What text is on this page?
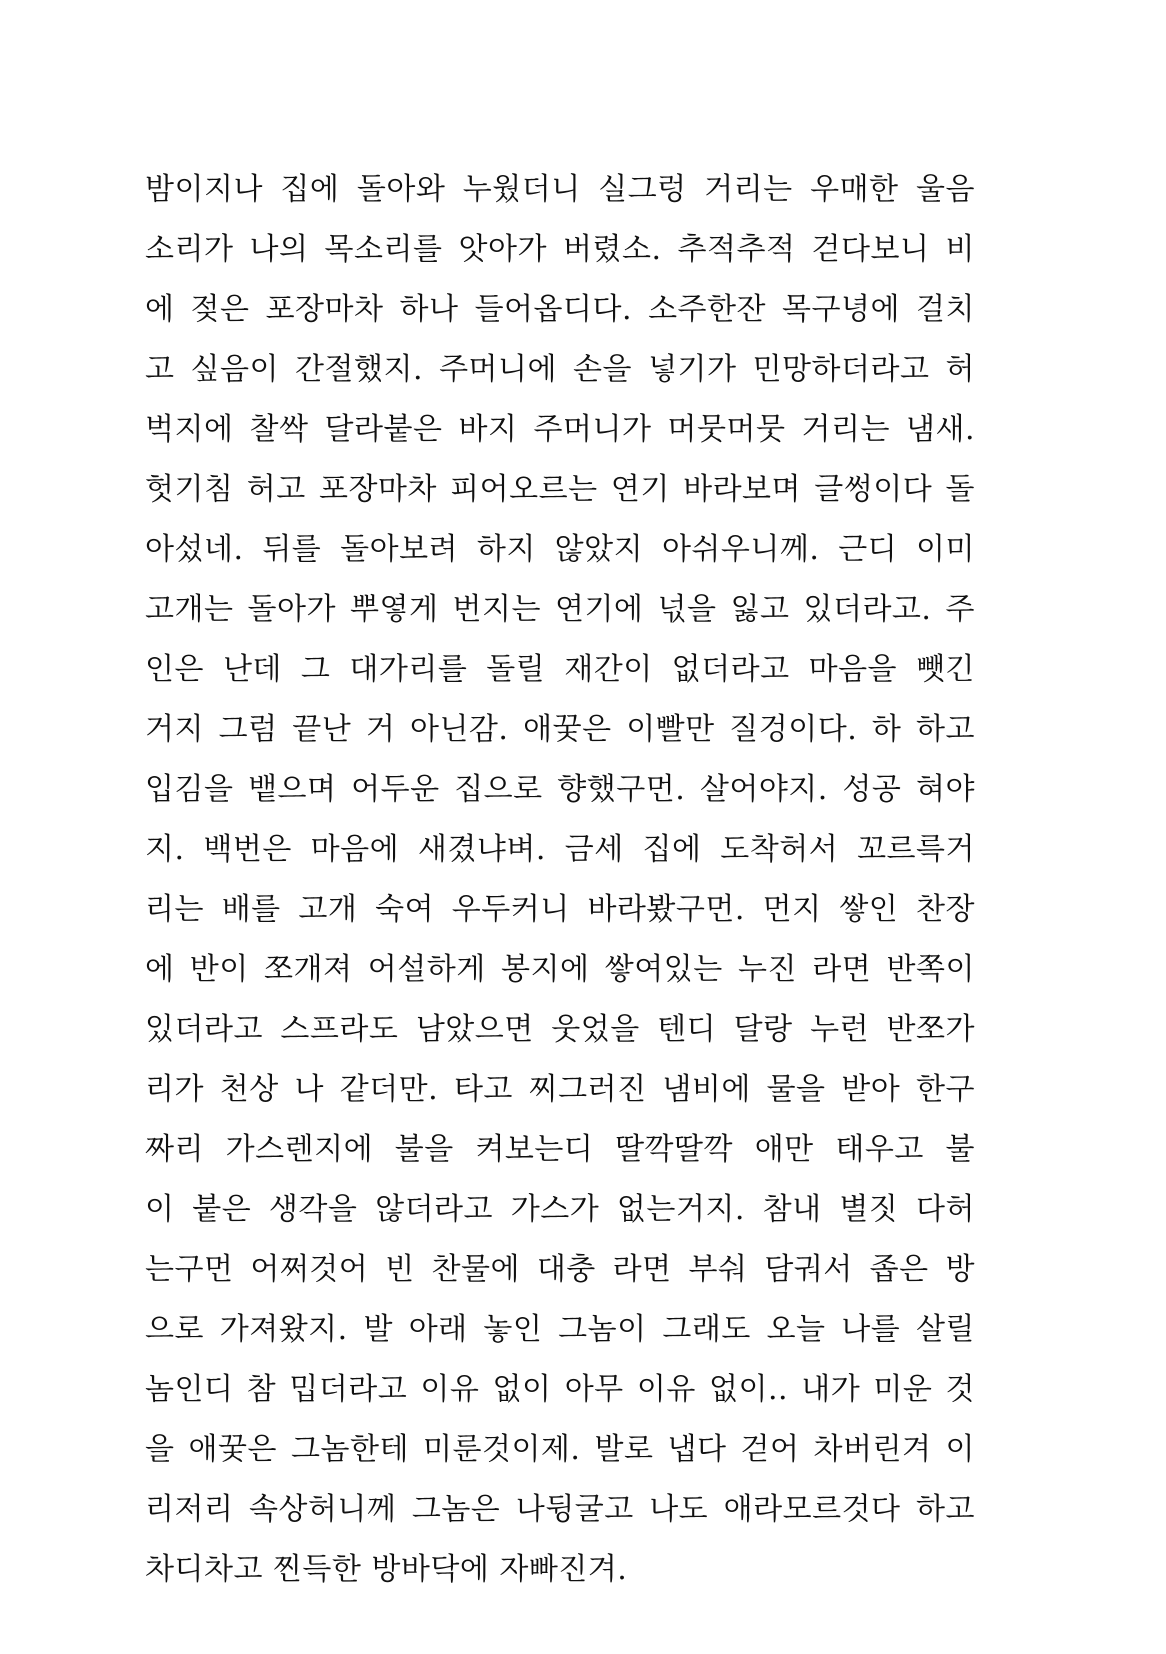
밤이지나 집에 돌아와 누웠더니 실그렁 거리는 우매한 울음
소리가 나의 목소리를 앗아가 버렸소. 추적추적 걷다보니 비
에 젖은 포장마차 하나 들어옵디다. 소주한잔 목구녕에 걸치
고 싶음이 간절했지. 주머니에 손을 넣기가 민망하더라고 허
벅지에 찰싹 달라붙은 바지 주머니가 머뭇머뭇 거리는 냄새.
헛기침 허고 포장마차 피어오르는 연기 바라보며 글썽이다 돌
아섰네. 뒤를 돌아보려 하지 않았지 아쉬우니께. 근디 이미
고개는 돌아가 뿌옇게 번지는 연기에 넋을 잃고 있더라고. 주
인은 난데 그 대가리를 돌릴 재간이 없더라고 마음을 뺏긴
거지 그럼 끝난 거 아닌감. 애꿎은 이빨만 질겅이다. 하 하고
입김을 뱉으며 어두운 집으로 향했구먼. 살어야지. 성공 혀야
지. 백번은 마음에 새겼냐벼. 금세 집에 도착허서 꼬르륵거
리는 배를 고개 숙여 우두커니 바라봤구먼. 먼지 쌓인 찬장
에 반이 쪼개져 어설하게 봉지에 쌓여있는 누진 라면 반쪽이
있더라고 스프라도 남았으면 웃었을 텐디 달랑 누런 반쪼가
리가 천상 나 같더만. 타고 찌그러진 냄비에 물을 받아 한구
짜리 가스렌지에 불을 켜보는디 딸깍딸깍 애만 태우고 불
이 붙은 생각을 않더라고 가스가 없는거지. 참내 별짓 다허
는구먼 어쩌것어 빈 찬물에 대충 라면 부숴 담궈서 좁은 방
으로 가져왔지. 발 아래 놓인 그놈이 그래도 오늘 나를 살릴
놈인디 참 밉더라고 이유 없이 아무 이유 없이.. 내가 미운 것
을 애꿎은 그놈한테 미룬것이제. 발로 냅다 걷어 차버린겨 이
리저리 속상허니께 그놈은 나뒹굴고 나도 애라모르것다 하고
차디차고 찐득한 방바닥에 자빠진겨.
